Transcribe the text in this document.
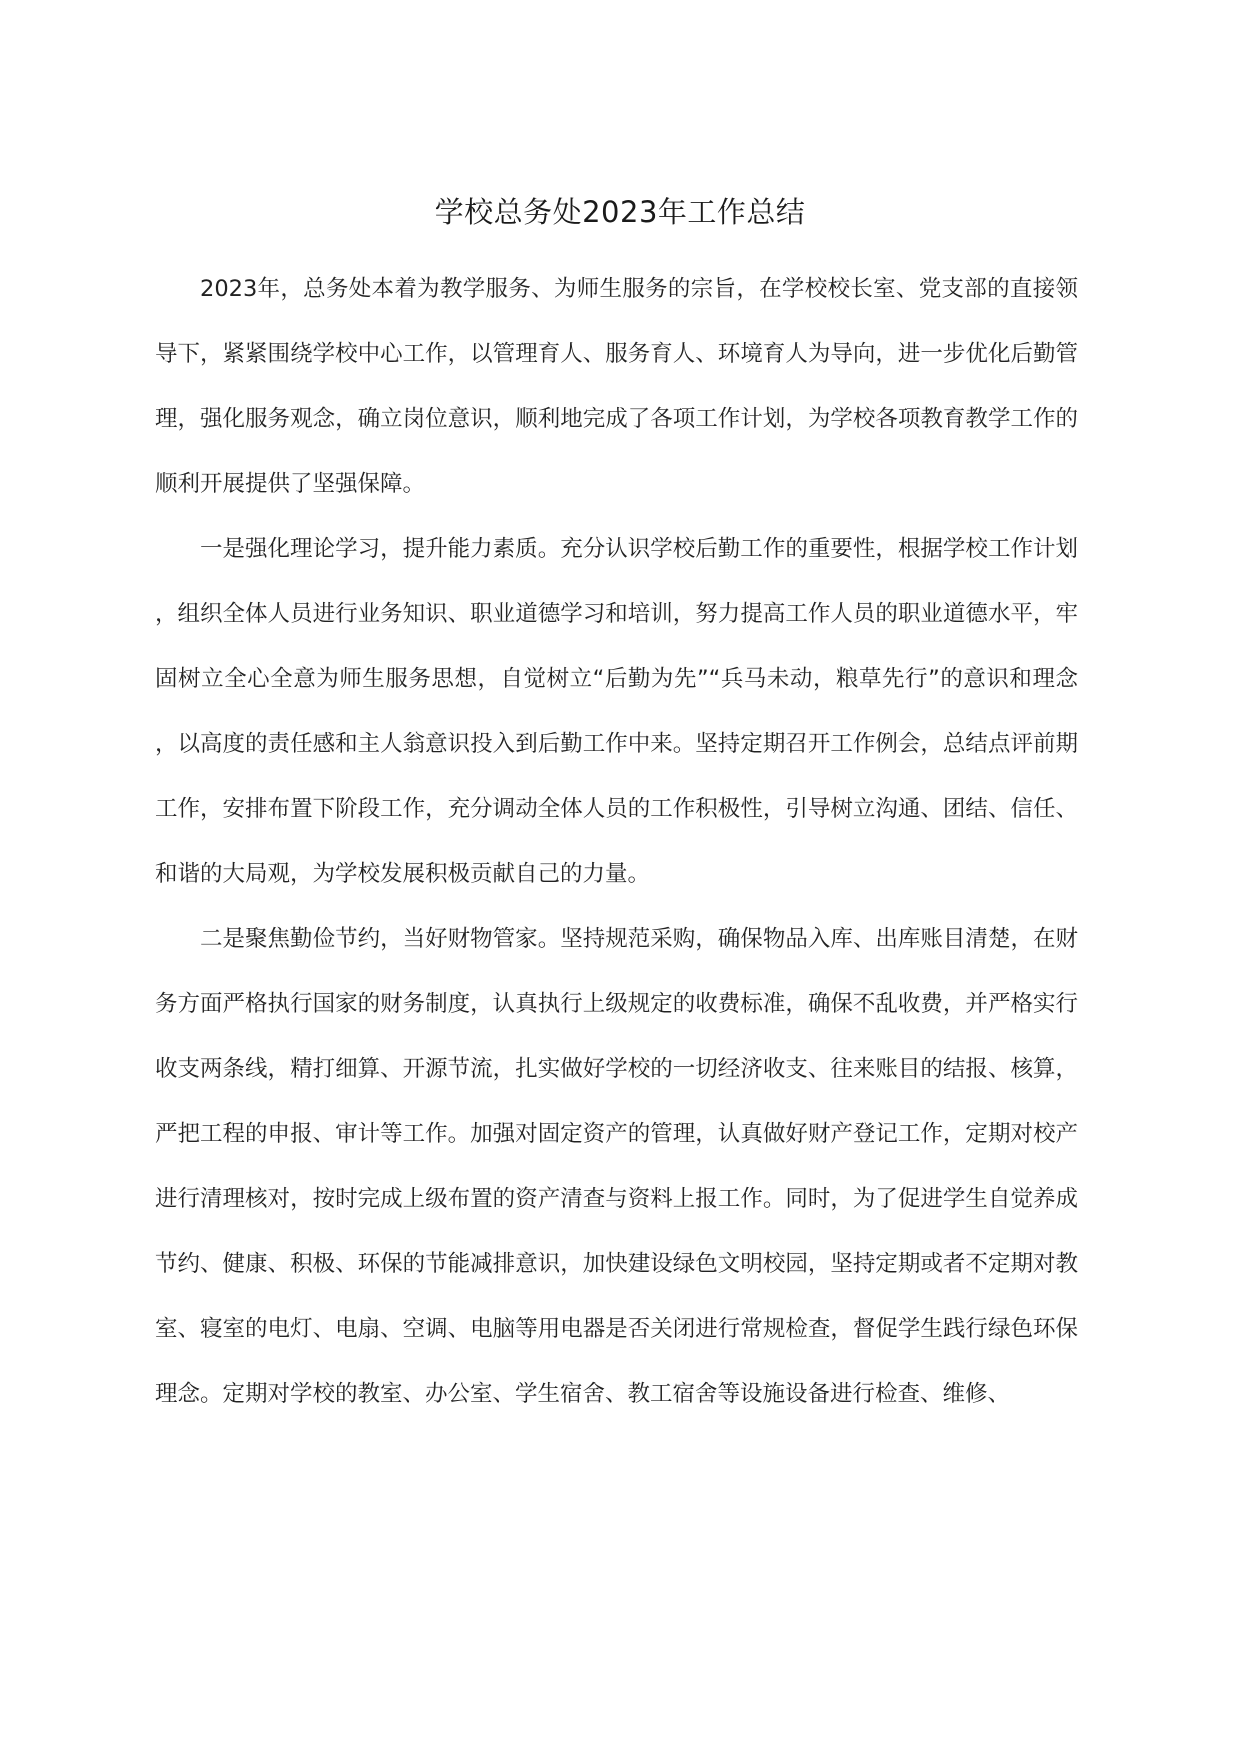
学校总务处2023年工作总结

2023年，总务处本着为教学服务、为师生服务的宗旨，在学校校长室、党支部的直接领导下，紧紧围绕学校中心工作，以管理育人、服务育人、环境育人为导向，进一步优化后勤管理，强化服务观念，确立岗位意识，顺利地完成了各项工作计划，为学校各项教育教学工作的顺利开展提供了坚强保障。

一是强化理论学习，提升能力素质。充分认识学校后勤工作的重要性，根据学校工作计划，组织全体人员进行业务知识、职业道德学习和培训，努力提高工作人员的职业道德水平，牢固树立全心全意为师生服务思想，自觉树立“后勤为先”“兵马未动，粮草先行”的意识和理念，以高度的责任感和主人翁意识投入到后勤工作中来。坚持定期召开工作例会，总结点评前期工作，安排布置下阶段工作，充分调动全体人员的工作积极性，引导树立沟通、团结、信任、和谐的大局观，为学校发展积极贡献自己的力量。

二是聚焦勤俭节约，当好财物管家。坚持规范采购，确保物品入库、出库账目清楚，在财务方面严格执行国家的财务制度，认真执行上级规定的收费标准，确保不乱收费，并严格实行收支两条线，精打细算、开源节流，扎实做好学校的一切经济收支、往来账目的结报、核算，严把工程的申报、审计等工作。加强对固定资产的管理，认真做好财产登记工作，定期对校产进行清理核对，按时完成上级布置的资产清查与资料上报工作。同时，为了促进学生自觉养成节约、健康、积极、环保的节能减排意识，加快建设绿色文明校园，坚持定期或者不定期对教室、寝室的电灯、电扇、空调、电脑等用电器是否关闭进行常规检查，督促学生践行绿色环保理念。定期对学校的教室、办公室、学生宿舍、教工宿舍等设施设备进行检查、维修、
